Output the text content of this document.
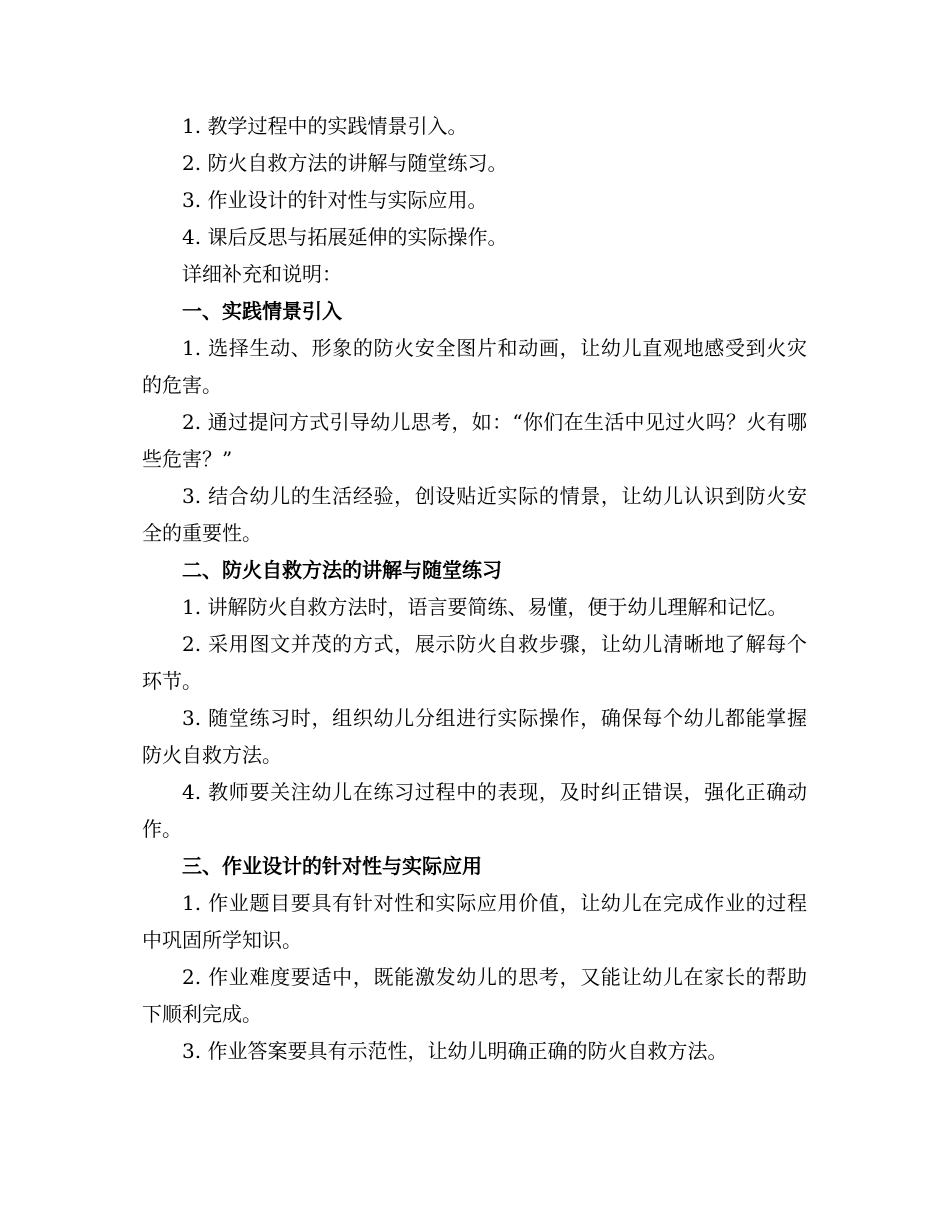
1. 教学过程中的实践情景引入。

2. 防火自救方法的讲解与随堂练习。

3. 作业设计的针对性与实际应用。

4. 课后反思与拓展延伸的实际操作。

详细补充和说明：

一、实践情景引入

1. 选择生动、形象的防火安全图片和动画，让幼儿直观地感受到火灾的危害。

2. 通过提问方式引导幼儿思考，如：“你们在生活中见过火吗？火有哪些危害？”

3. 结合幼儿的生活经验，创设贴近实际的情景，让幼儿认识到防火安全的重要性。

二、防火自救方法的讲解与随堂练习

1. 讲解防火自救方法时，语言要简练、易懂，便于幼儿理解和记忆。

2. 采用图文并茂的方式，展示防火自救步骤，让幼儿清晰地了解每个环节。

3. 随堂练习时，组织幼儿分组进行实际操作，确保每个幼儿都能掌握防火自救方法。

4. 教师要关注幼儿在练习过程中的表现，及时纠正错误，强化正确动作。

三、作业设计的针对性与实际应用

1. 作业题目要具有针对性和实际应用价值，让幼儿在完成作业的过程中巩固所学知识。

2. 作业难度要适中，既能激发幼儿的思考，又能让幼儿在家长的帮助下顺利完成。

3. 作业答案要具有示范性，让幼儿明确正确的防火自救方法。
